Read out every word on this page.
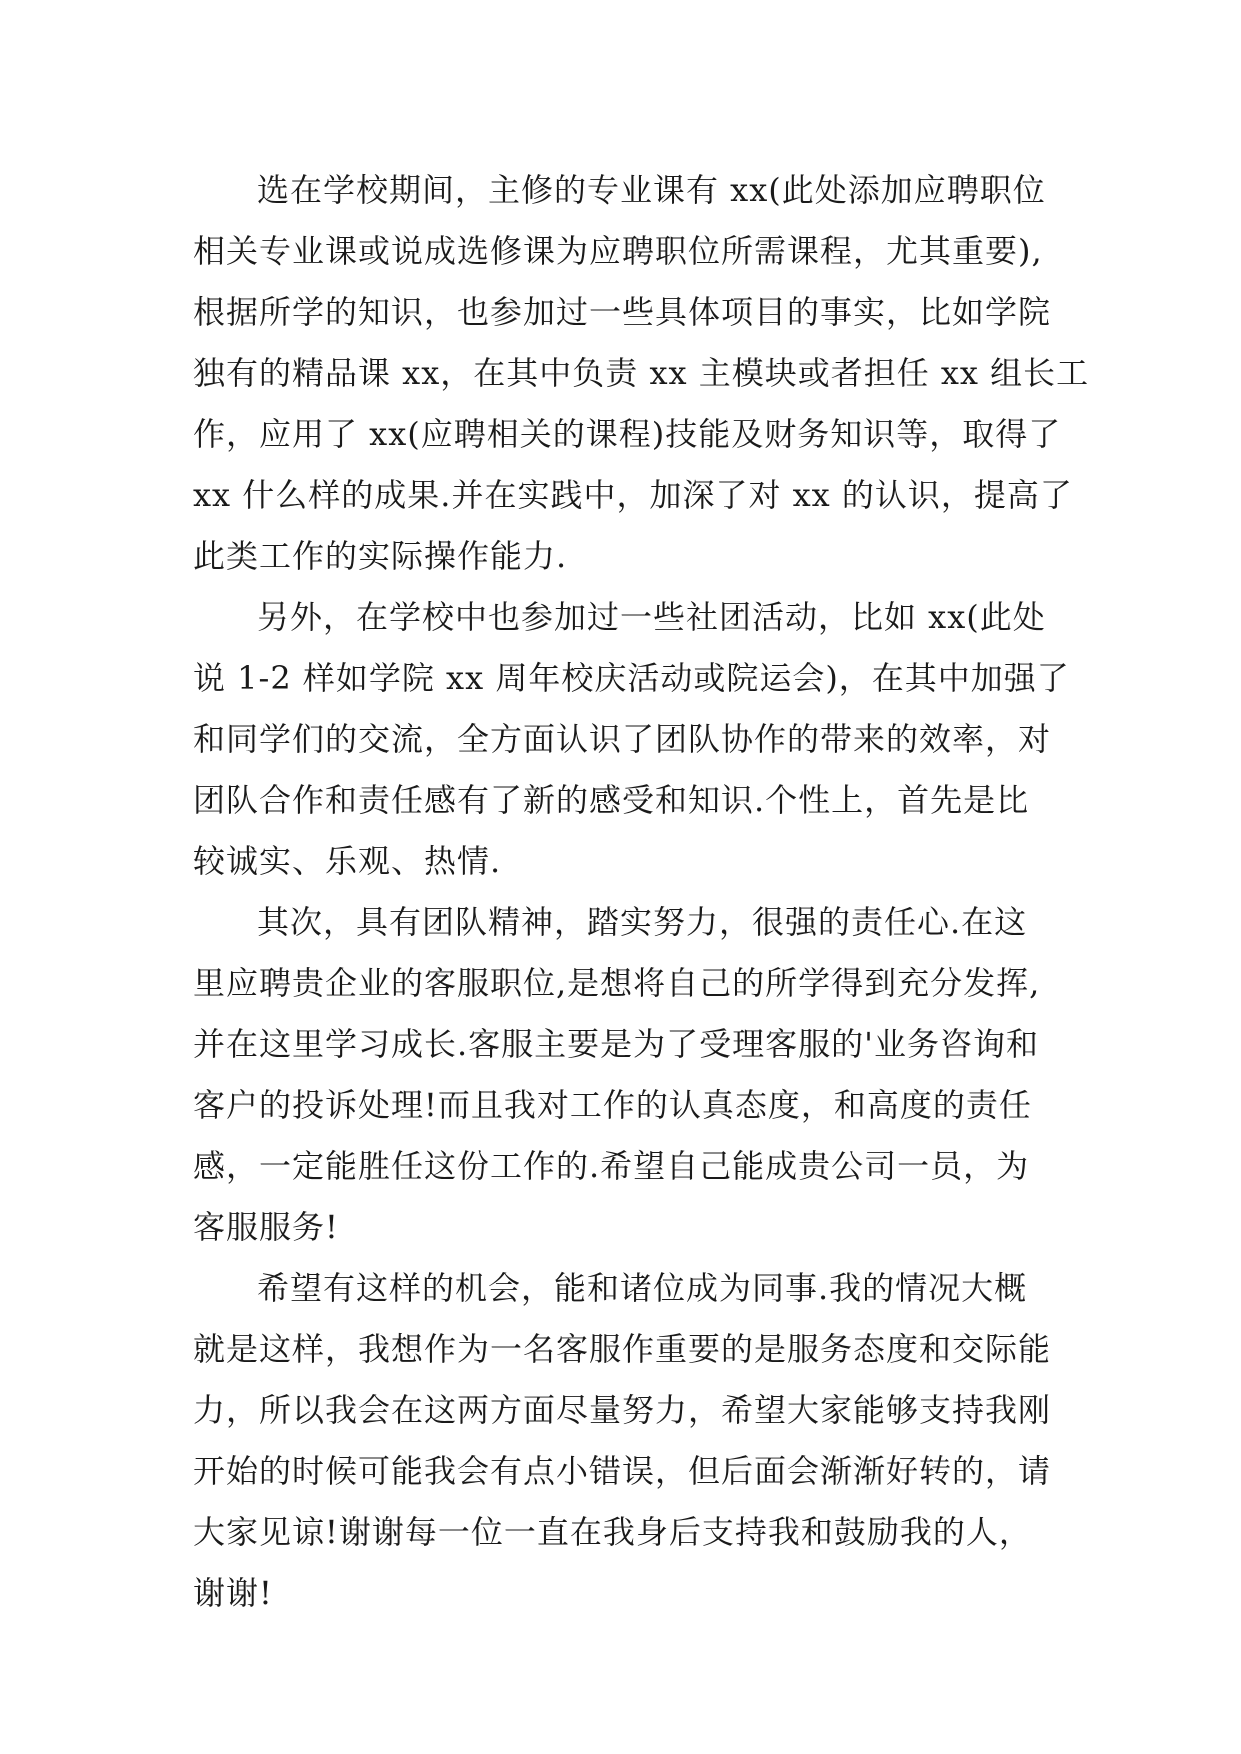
选在学校期间，主修的专业课有 xx(此处添加应聘职位
相关专业课或说成选修课为应聘职位所需课程，尤其重要),
根据所学的知识，也参加过一些具体项目的事实，比如学院
独有的精品课 xx，在其中负责 xx 主模块或者担任 xx 组长工
作，应用了 xx(应聘相关的课程)技能及财务知识等，取得了
xx 什么样的成果.并在实践中，加深了对 xx 的认识，提高了
此类工作的实际操作能力.
另外，在学校中也参加过一些社团活动，比如 xx(此处
说 1-2 样如学院 xx 周年校庆活动或院运会)，在其中加强了
和同学们的交流，全方面认识了团队协作的带来的效率，对
团队合作和责任感有了新的感受和知识.个性上，首先是比
较诚实、乐观、热情.
其次，具有团队精神，踏实努力，很强的责任心.在这
里应聘贵企业的客服职位,是想将自己的所学得到充分发挥,
并在这里学习成长.客服主要是为了受理客服的'业务咨询和
客户的投诉处理!而且我对工作的认真态度，和高度的责任
感，一定能胜任这份工作的.希望自己能成贵公司一员，为
客服服务!
希望有这样的机会，能和诸位成为同事.我的情况大概
就是这样，我想作为一名客服作重要的是服务态度和交际能
力，所以我会在这两方面尽量努力，希望大家能够支持我刚
开始的时候可能我会有点小错误，但后面会渐渐好转的，请
大家见谅!谢谢每一位一直在我身后支持我和鼓励我的人，
谢谢!
